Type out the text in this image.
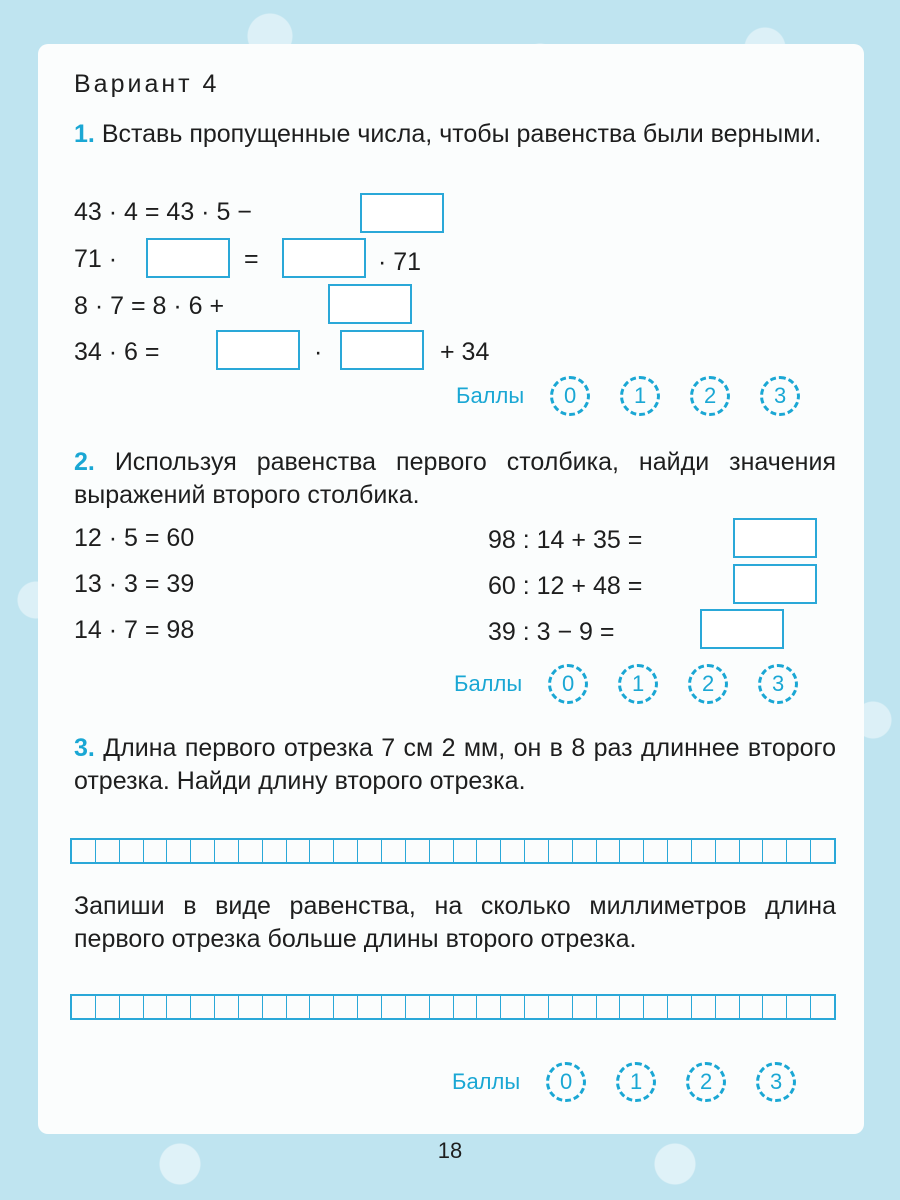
Вариант 4
1. Вставь пропущенные числа, чтобы равенства были верными.
43 · 4 = 43 · 5 −
71 ·	=	· 71
8 · 7 = 8 · 6 +
34 · 6 =	·	+ 34
Баллы	0	1	2	3
2. Используя равенства первого столбика, найди значения выражений второго столбика.
12 · 5 = 60
13 · 3 = 39
14 · 7 = 98
98 : 14 + 35 =
60 : 12 + 48 =
39 : 3 − 9 =
Баллы	0	1	2	3
3. Длина первого отрезка 7 см 2 мм, он в 8 раз длиннее второго отрезка. Найди длину второго отрезка.
Запиши в виде равенства, на сколько миллиметров длина первого отрезка больше длины второго отрезка.
Баллы	0	1	2	3
18
